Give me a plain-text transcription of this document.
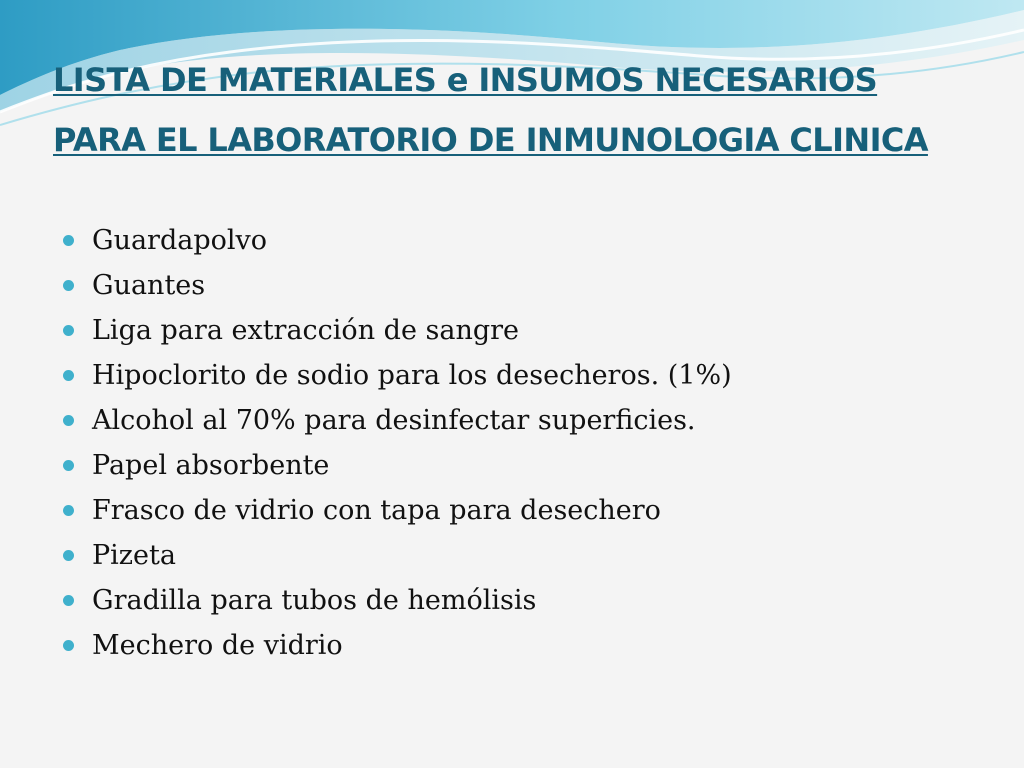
LISTA DE MATERIALES e INSUMOS NECESARIOS PARA EL LABORATORIO DE INMUNOLOGIA CLINICA
Guardapolvo
Guantes
Liga para extracción de sangre
Hipoclorito de sodio para los desecheros. (1%)
Alcohol al 70% para desinfectar superficies.
Papel absorbente
Frasco de vidrio con tapa para desechero
Pizeta
Gradilla para tubos de hemólisis
Mechero de vidrio
